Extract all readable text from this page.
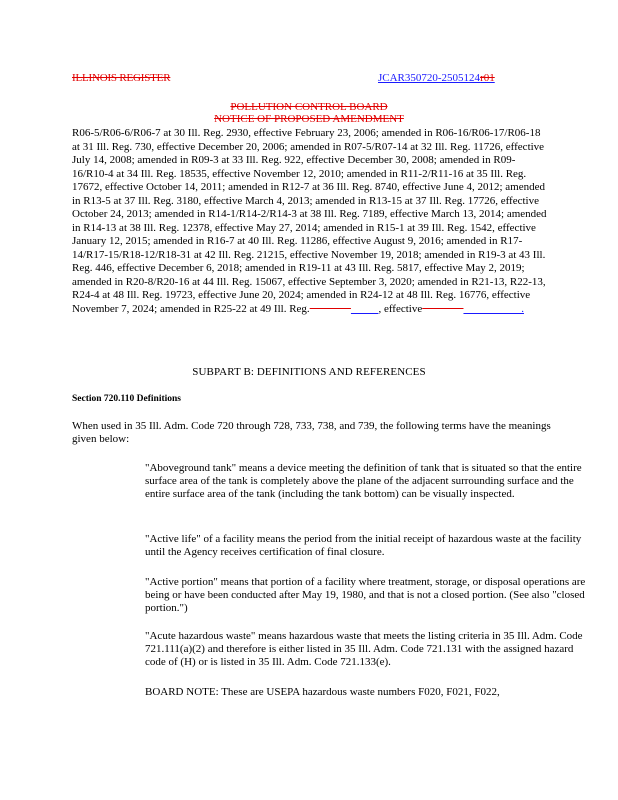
ILLINOIS REGISTER	JCAR350720-2505124r01
POLLUTION CONTROL BOARD
NOTICE OF PROPOSED AMENDMENT
R06-5/R06-6/R06-7 at 30 Ill. Reg. 2930, effective February 23, 2006; amended in R06-16/R06-17/R06-18 at 31 Ill. Reg. 730, effective December 20, 2006; amended in R07-5/R07-14 at 32 Ill. Reg. 11726, effective July 14, 2008; amended in R09-3 at 33 Ill. Reg. 922, effective December 30, 2008; amended in R09-16/R10-4 at 34 Ill. Reg. 18535, effective November 12, 2010; amended in R11-2/R11-16 at 35 Ill. Reg. 17672, effective October 14, 2011; amended in R12-7 at 36 Ill. Reg. 8740, effective June 4, 2012; amended in R13-5 at 37 Ill. Reg. 3180, effective March 4, 2013; amended in R13-15 at 37 Ill. Reg. 17726, effective October 24, 2013; amended in R14-1/R14-2/R14-3 at 38 Ill. Reg. 7189, effective March 13, 2014; amended in R14-13 at 38 Ill. Reg. 12378, effective May 27, 2014; amended in R15-1 at 39 Ill. Reg. 1542, effective January 12, 2015; amended in R16-7 at 40 Ill. Reg. 11286, effective August 9, 2016; amended in R17-14/R17-15/R18-12/R18-31 at 42 Ill. Reg. 21215, effective November 19, 2018; amended in R19-3 at 43 Ill. Reg. 446, effective December 6, 2018; amended in R19-11 at 43 Ill. Reg. 5817, effective May 2, 2019; amended in R20-8/R20-16 at 44 Ill. Reg. 15067, effective September 3, 2020; amended in R21-13, R22-13, R24-4 at 48 Ill. Reg. 19723, effective June 20, 2024; amended in R24-12 at 48 Ill. Reg. 16776, effective November 7, 2024; amended in R25-22 at 49 Ill. Reg.	, effective	.
SUBPART B: DEFINITIONS AND REFERENCES
Section 720.110 Definitions
When used in 35 Ill. Adm. Code 720 through 728, 733, 738, and 739, the following terms have the meanings given below:
"Aboveground tank" means a device meeting the definition of tank that is situated so that the entire surface area of the tank is completely above the plane of the adjacent surrounding surface and the entire surface area of the tank (including the tank bottom) can be visually inspected.
"Active life" of a facility means the period from the initial receipt of hazardous waste at the facility until the Agency receives certification of final closure.
"Active portion" means that portion of a facility where treatment, storage, or disposal operations are being or have been conducted after May 19, 1980, and that is not a closed portion. (See also "closed portion.")
"Acute hazardous waste" means hazardous waste that meets the listing criteria in 35 Ill. Adm. Code 721.111(a)(2) and therefore is either listed in 35 Ill. Adm. Code 721.131 with the assigned hazard code of (H) or is listed in 35 Ill. Adm. Code 721.133(e).
BOARD NOTE: These are USEPA hazardous waste numbers F020, F021, F022,
